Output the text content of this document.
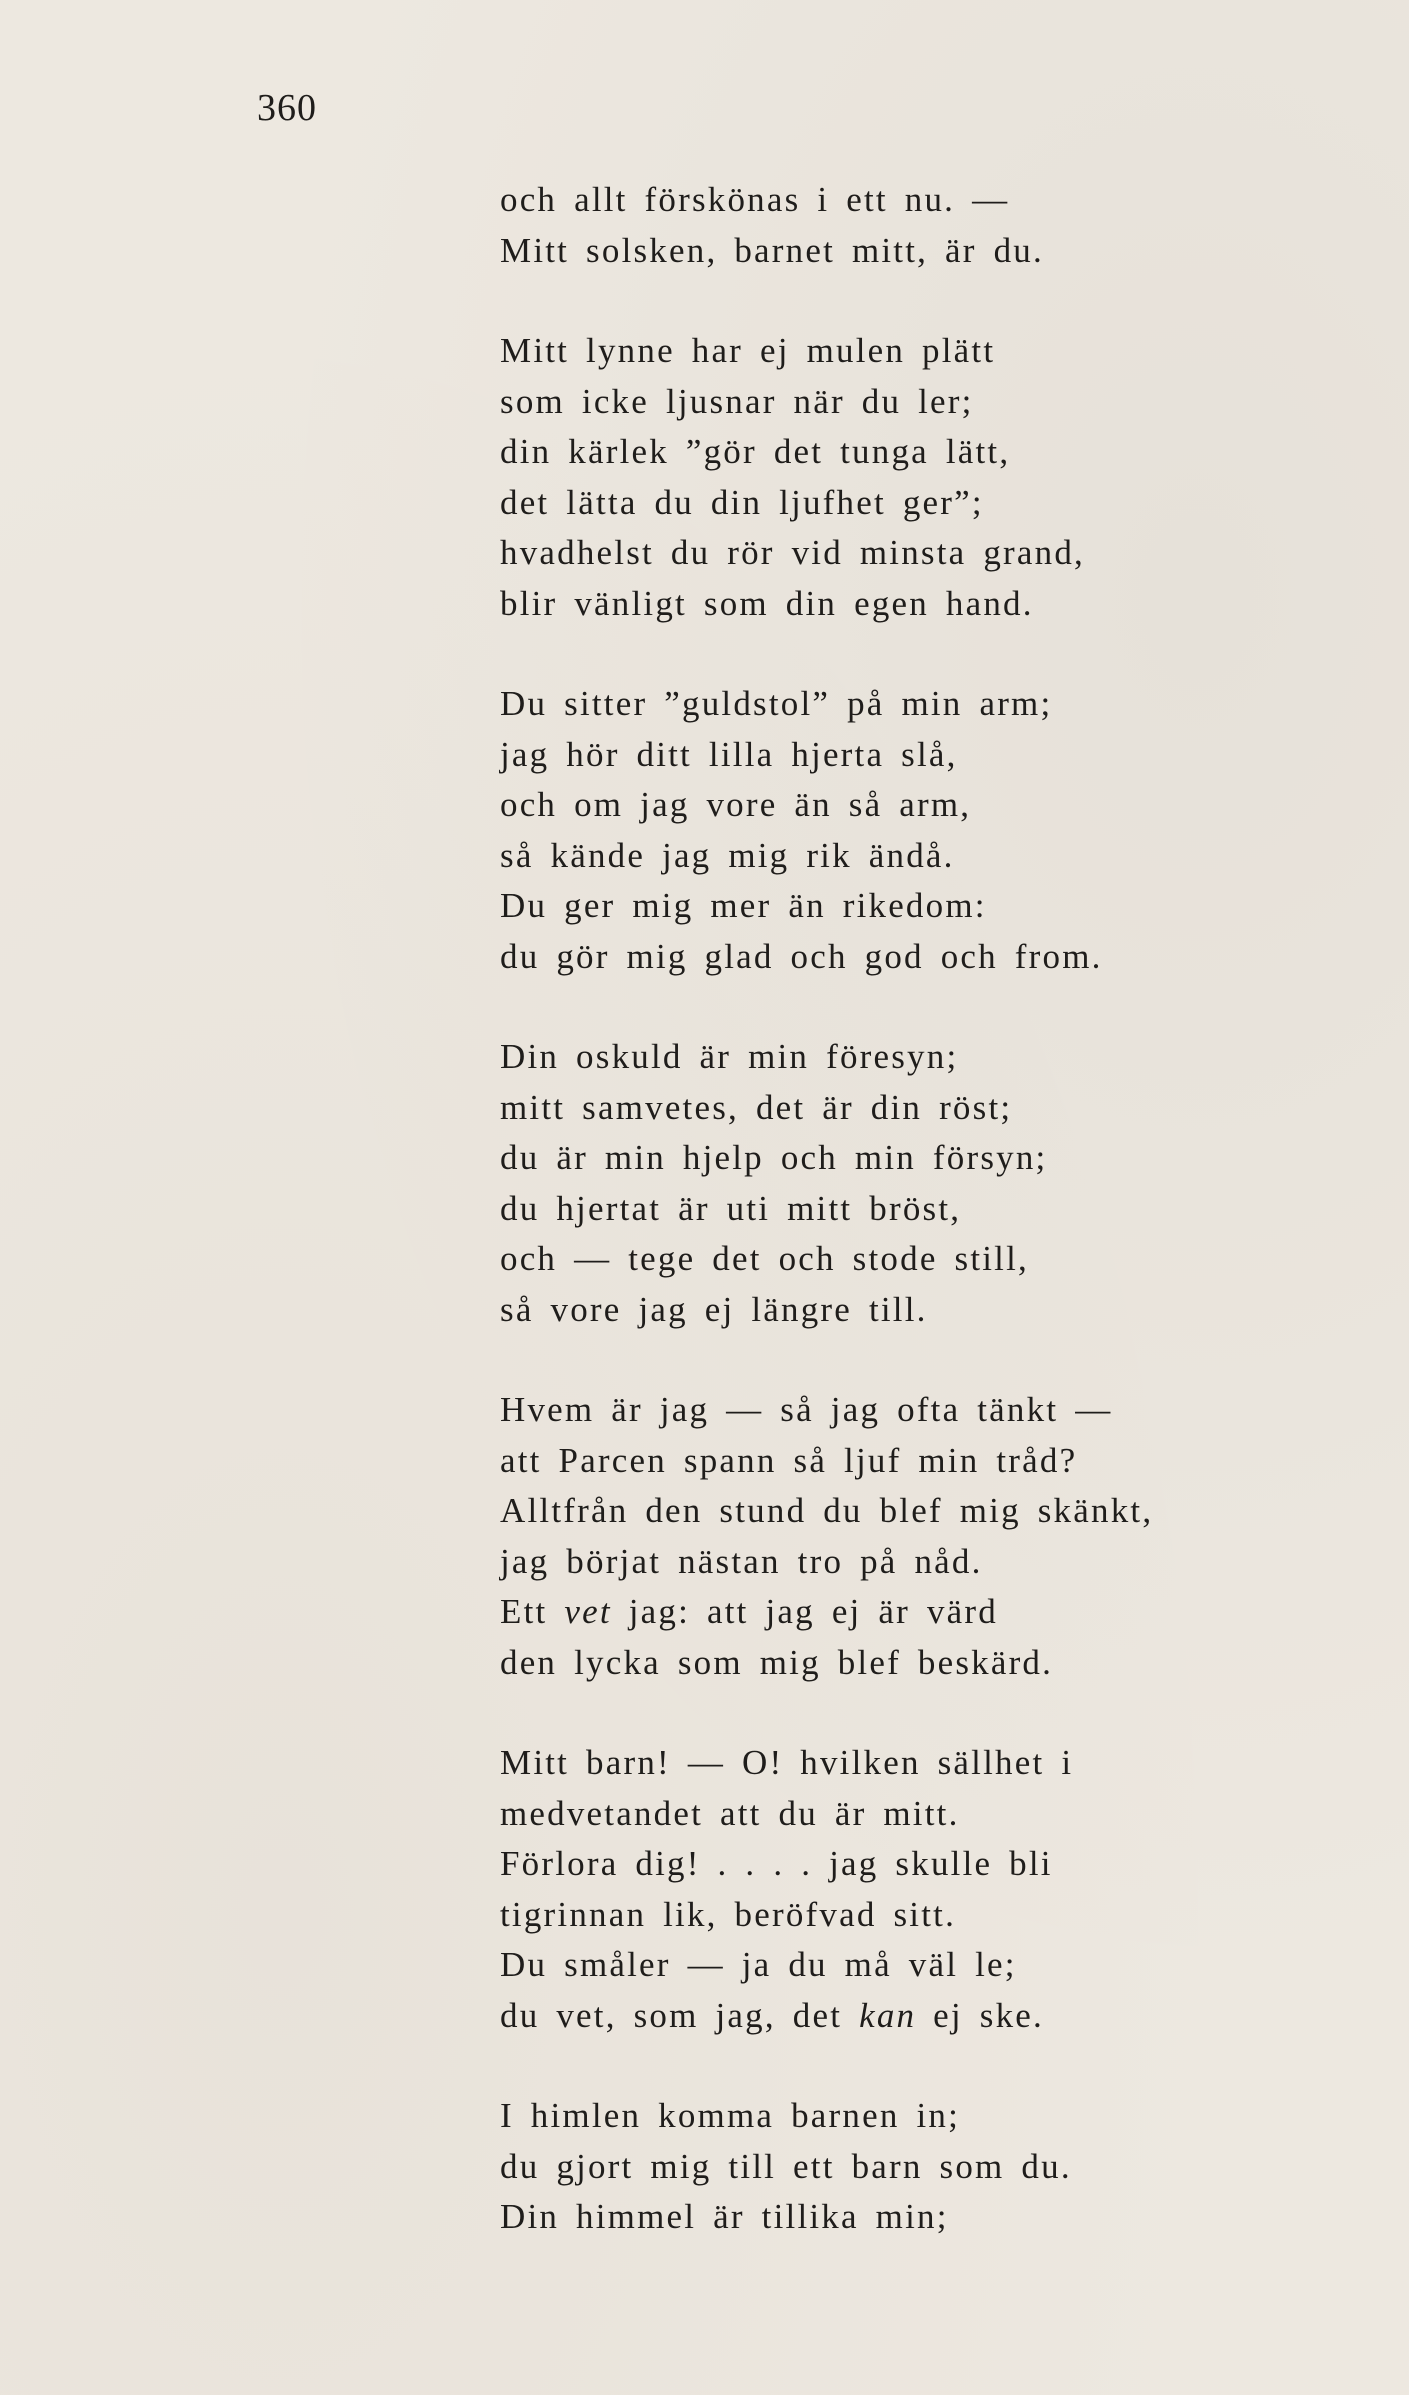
360
och allt förskönas i ett nu. —
Mitt solsken, barnet mitt, är du.
Mitt lynne har ej mulen plätt
som icke ljusnar när du ler;
din kärlek ”gör det tunga lätt,
det lätta du din ljufhet ger”;
hvadhelst du rör vid minsta grand,
blir vänligt som din egen hand.
Du sitter ”guldstol” på min arm;
jag hör ditt lilla hjerta slå,
och om jag vore än så arm,
så kände jag mig rik ändå.
Du ger mig mer än rikedom:
du gör mig glad och god och from.
Din oskuld är min föresyn;
mitt samvetes, det är din röst;
du är min hjelp och min försyn;
du hjertat är uti mitt bröst,
och — tege det och stode still,
så vore jag ej längre till.
Hvem är jag — så jag ofta tänkt —
att Parcen spann så ljuf min tråd?
Alltfrån den stund du blef mig skänkt,
jag börjat nästan tro på nåd.
Ett vet jag: att jag ej är värd
den lycka som mig blef beskärd.
Mitt barn! — O! hvilken sällhet i
medvetandet att du är mitt.
Förlora dig! . . . . jag skulle bli
tigrinnan lik, beröfvad sitt.
Du småler — ja du må väl le;
du vet, som jag, det kan ej ske.
I himlen komma barnen in;
du gjort mig till ett barn som du.
Din himmel är tillika min;
